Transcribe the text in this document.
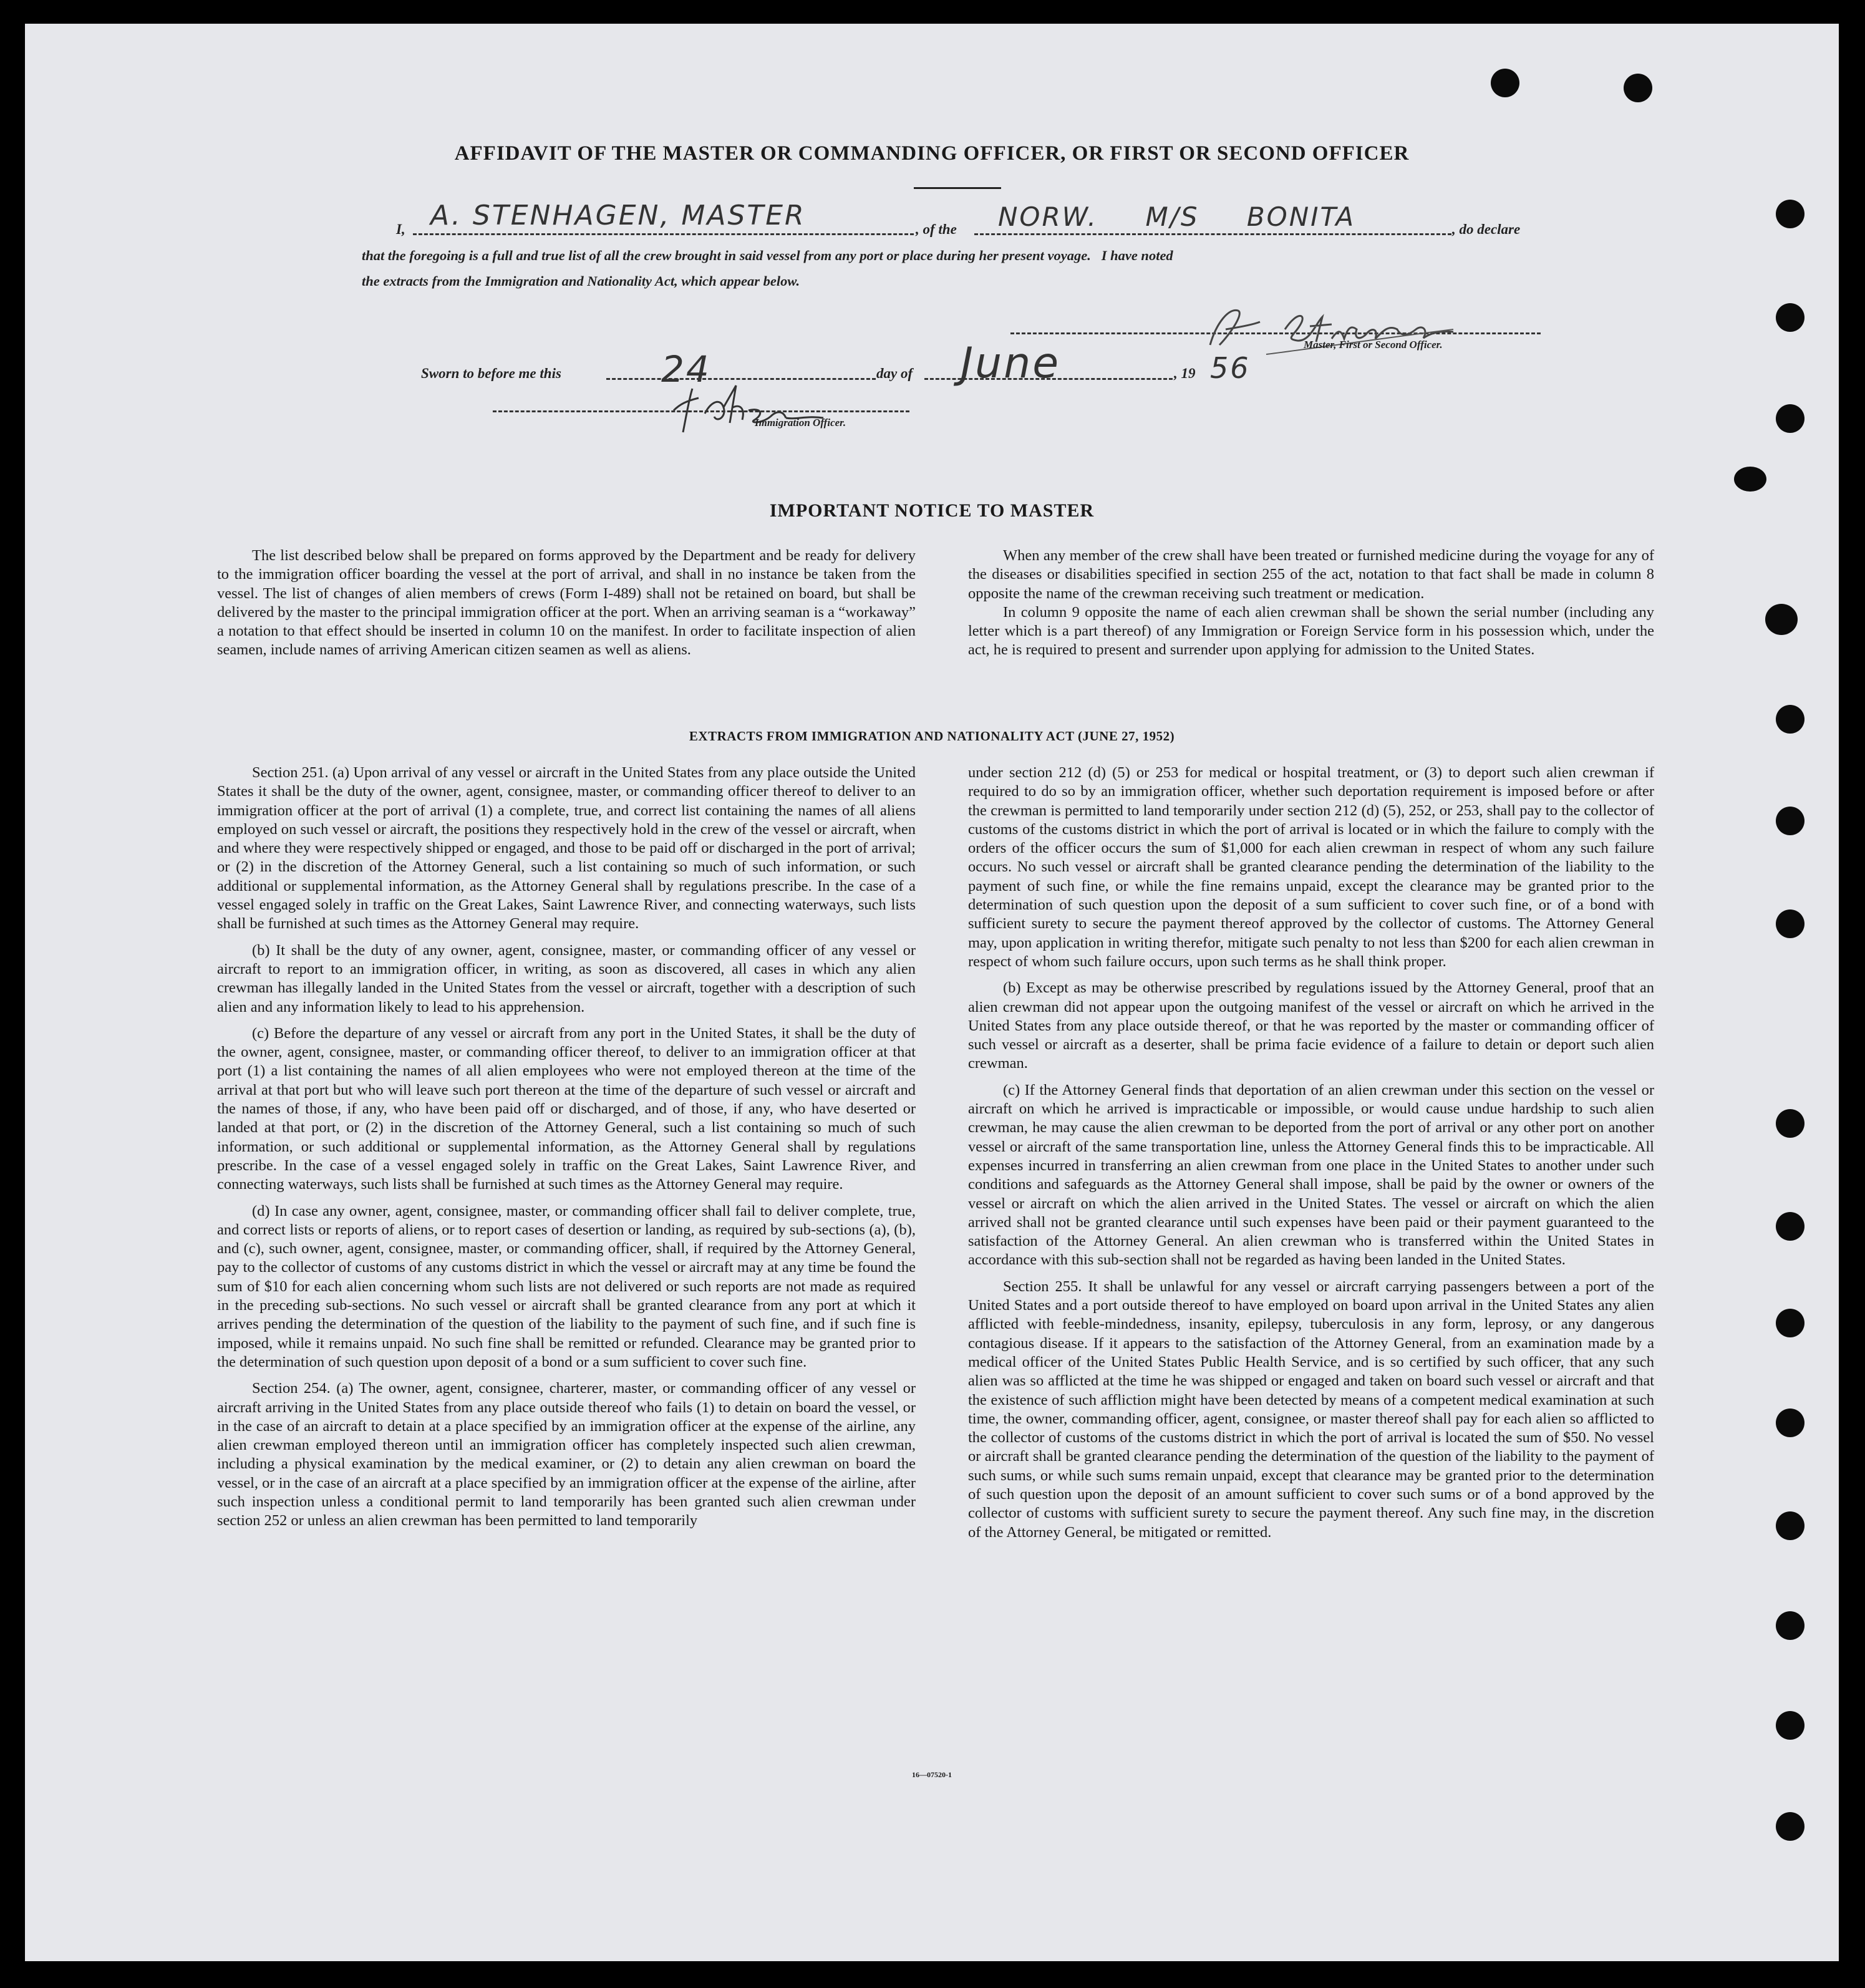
AFFIDAVIT OF THE MASTER OR COMMANDING OFFICER, OR FIRST OR SECOND OFFICER
I, A. STENHAGEN, MASTER	, of the NORW. M/S BONITA	, do declare
that the foregoing is a full and true list of all the crew brought in said vessel from any port or place during her present voyage.   I have noted
the extracts from the Immigration and Nationality Act, which appear below.
Master, First or Second Officer.
Sworn to before me this	24	day of June	, 19 56
Immigration Officer.
IMPORTANT NOTICE TO MASTER

The list described below shall be prepared on forms approved by the Department and be ready for delivery to the immigration officer boarding the vessel at the port of arrival, and shall in no instance be taken from the vessel. The list of changes of alien members of crews (Form I-489) shall not be retained on board, but shall be delivered by the master to the principal immigration officer at the port. When an arriving seaman is a “workaway” a notation to that effect should be inserted in column 10 on the manifest. In order to facilitate inspection of alien seamen, include names of arriving American citizen seamen as well as aliens.

When any member of the crew shall have been treated or furnished medicine during the voyage for any of the diseases or disabilities specified in section 255 of the act, notation to that fact shall be made in column 8 opposite the name of the crewman receiving such treatment or medication.

In column 9 opposite the name of each alien crewman shall be shown the serial number (including any letter which is a part thereof) of any Immigration or Foreign Service form in his possession which, under the act, he is required to present and surrender upon applying for admission to the United States.

EXTRACTS FROM IMMIGRATION AND NATIONALITY ACT (JUNE 27, 1952)

Section 251. (a) Upon arrival of any vessel or aircraft in the United States from any place outside the United States it shall be the duty of the owner, agent, consignee, master, or commanding officer thereof to deliver to an immigration officer at the port of arrival (1) a complete, true, and correct list containing the names of all aliens employed on such vessel or aircraft, the positions they respectively hold in the crew of the vessel or aircraft, when and where they were respectively shipped or engaged, and those to be paid off or discharged in the port of arrival; or (2) in the discretion of the Attorney General, such a list containing so much of such information, or such additional or supplemental information, as the Attorney General shall by regulations prescribe. In the case of a vessel engaged solely in traffic on the Great Lakes, Saint Lawrence River, and connecting waterways, such lists shall be furnished at such times as the Attorney General may require.

(b) It shall be the duty of any owner, agent, consignee, master, or commanding officer of any vessel or aircraft to report to an immigration officer, in writing, as soon as discovered, all cases in which any alien crewman has illegally landed in the United States from the vessel or aircraft, together with a description of such alien and any information likely to lead to his apprehension.

(c) Before the departure of any vessel or aircraft from any port in the United States, it shall be the duty of the owner, agent, consignee, master, or commanding officer thereof, to deliver to an immigration officer at that port (1) a list containing the names of all alien employees who were not employed thereon at the time of the arrival at that port but who will leave such port thereon at the time of the departure of such vessel or aircraft and the names of those, if any, who have been paid off or discharged, and of those, if any, who have deserted or landed at that port, or (2) in the discretion of the Attorney General, such a list containing so much of such information, or such additional or supplemental information, as the Attorney General shall by regulations prescribe. In the case of a vessel engaged solely in traffic on the Great Lakes, Saint Lawrence River, and connecting waterways, such lists shall be furnished at such times as the Attorney General may require.

(d) In case any owner, agent, consignee, master, or commanding officer shall fail to deliver complete, true, and correct lists or reports of aliens, or to report cases of desertion or landing, as required by sub-sections (a), (b), and (c), such owner, agent, consignee, master, or commanding officer, shall, if required by the Attorney General, pay to the collector of customs of any customs district in which the vessel or aircraft may at any time be found the sum of $10 for each alien concerning whom such lists are not delivered or such reports are not made as required in the preceding sub-sections. No such vessel or aircraft shall be granted clearance from any port at which it arrives pending the determination of the question of the liability to the payment of such fine, and if such fine is imposed, while it remains unpaid. No such fine shall be remitted or refunded. Clearance may be granted prior to the determination of such question upon deposit of a bond or a sum sufficient to cover such fine.

Section 254. (a) The owner, agent, consignee, charterer, master, or commanding officer of any vessel or aircraft arriving in the United States from any place outside thereof who fails (1) to detain on board the vessel, or in the case of an aircraft to detain at a place specified by an immigration officer at the expense of the airline, any alien crewman employed thereon until an immigration officer has completely inspected such alien crewman, including a physical examination by the medical examiner, or (2) to detain any alien crewman on board the vessel, or in the case of an aircraft at a place specified by an immigration officer at the expense of the airline, after such inspection unless a conditional permit to land temporarily has been granted such alien crewman under section 252 or unless an alien crewman has been permitted to land temporarily

under section 212 (d) (5) or 253 for medical or hospital treatment, or (3) to deport such alien crewman if required to do so by an immigration officer, whether such deportation requirement is imposed before or after the crewman is permitted to land temporarily under section 212 (d) (5), 252, or 253, shall pay to the collector of customs of the customs district in which the port of arrival is located or in which the failure to comply with the orders of the officer occurs the sum of $1,000 for each alien crewman in respect of whom any such failure occurs. No such vessel or aircraft shall be granted clearance pending the determination of the liability to the payment of such fine, or while the fine remains unpaid, except the clearance may be granted prior to the determination of such question upon the deposit of a sum sufficient to cover such fine, or of a bond with sufficient surety to secure the payment thereof approved by the collector of customs. The Attorney General may, upon application in writing therefor, mitigate such penalty to not less than $200 for each alien crewman in respect of whom such failure occurs, upon such terms as he shall think proper.

(b) Except as may be otherwise prescribed by regulations issued by the Attorney General, proof that an alien crewman did not appear upon the outgoing manifest of the vessel or aircraft on which he arrived in the United States from any place outside thereof, or that he was reported by the master or commanding officer of such vessel or aircraft as a deserter, shall be prima facie evidence of a failure to detain or deport such alien crewman.

(c) If the Attorney General finds that deportation of an alien crewman under this section on the vessel or aircraft on which he arrived is impracticable or impossible, or would cause undue hardship to such alien crewman, he may cause the alien crewman to be deported from the port of arrival or any other port on another vessel or aircraft of the same transportation line, unless the Attorney General finds this to be impracticable. All expenses incurred in transferring an alien crewman from one place in the United States to another under such conditions and safeguards as the Attorney General shall impose, shall be paid by the owner or owners of the vessel or aircraft on which the alien arrived in the United States. The vessel or aircraft on which the alien arrived shall not be granted clearance until such expenses have been paid or their payment guaranteed to the satisfaction of the Attorney General. An alien crewman who is transferred within the United States in accordance with this sub-section shall not be regarded as having been landed in the United States.

Section 255. It shall be unlawful for any vessel or aircraft carrying passengers between a port of the United States and a port outside thereof to have employed on board upon arrival in the United States any alien afflicted with feeble-mindedness, insanity, epilepsy, tuberculosis in any form, leprosy, or any dangerous contagious disease. If it appears to the satisfaction of the Attorney General, from an examination made by a medical officer of the United States Public Health Service, and is so certified by such officer, that any such alien was so afflicted at the time he was shipped or engaged and taken on board such vessel or aircraft and that the existence of such affliction might have been detected by means of a competent medical examination at such time, the owner, commanding officer, agent, consignee, or master thereof shall pay for each alien so afflicted to the collector of customs of the customs district in which the port of arrival is located the sum of $50. No vessel or aircraft shall be granted clearance pending the determination of the question of the liability to the payment of such sums, or while such sums remain unpaid, except that clearance may be granted prior to the determination of such question upon the deposit of an amount sufficient to cover such sums or of a bond approved by the collector of customs with sufficient surety to secure the payment thereof. Any such fine may, in the discretion of the Attorney General, be mitigated or remitted.

16—07520-1
